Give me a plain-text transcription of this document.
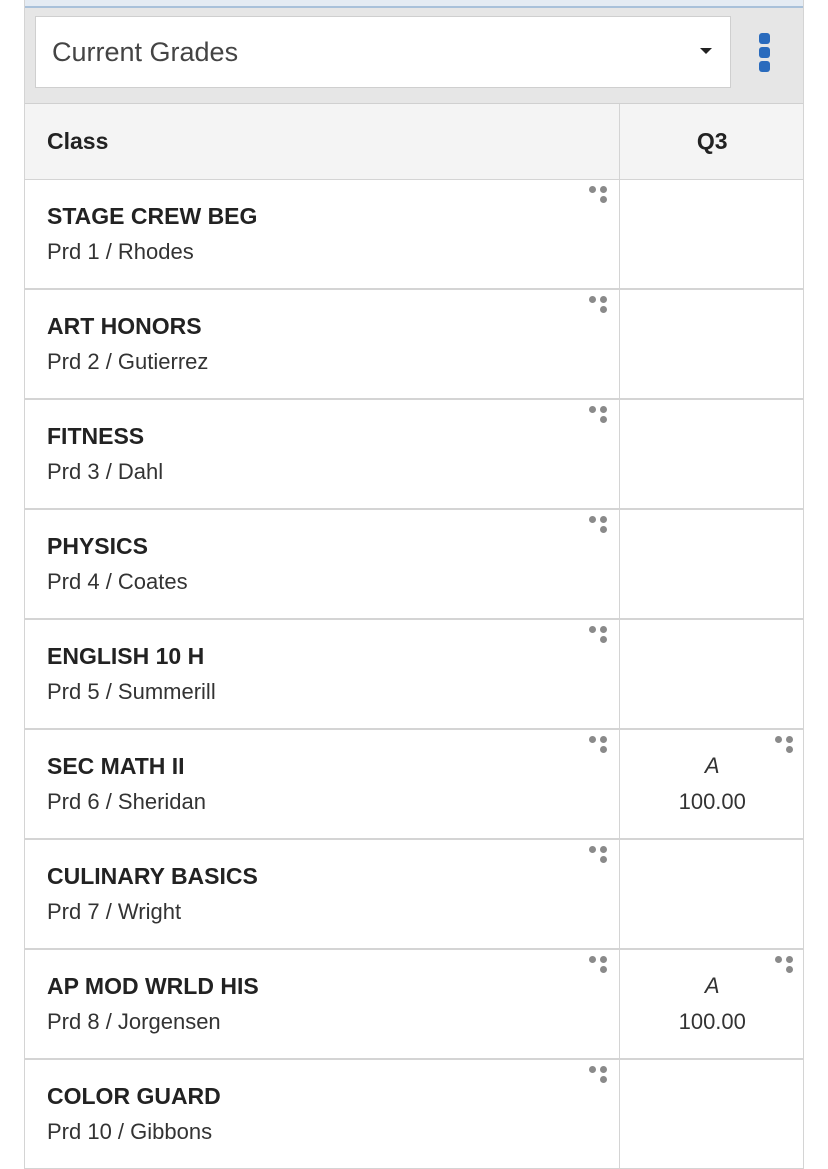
Current Grades
Class	Q3

STAGE CREW BEG
Prd 1 / Rhodes	

ART HONORS
Prd 2 / Gutierrez	

FITNESS
Prd 3 / Dahl	

PHYSICS
Prd 4 / Coates	

ENGLISH 10 H
Prd 5 / Summerill	

SEC MATH II
Prd 6 / Sheridan	A
100.00

CULINARY BASICS
Prd 7 / Wright	

AP MOD WRLD HIS
Prd 8 / Jorgensen	A
100.00

COLOR GUARD
Prd 10 / Gibbons	
